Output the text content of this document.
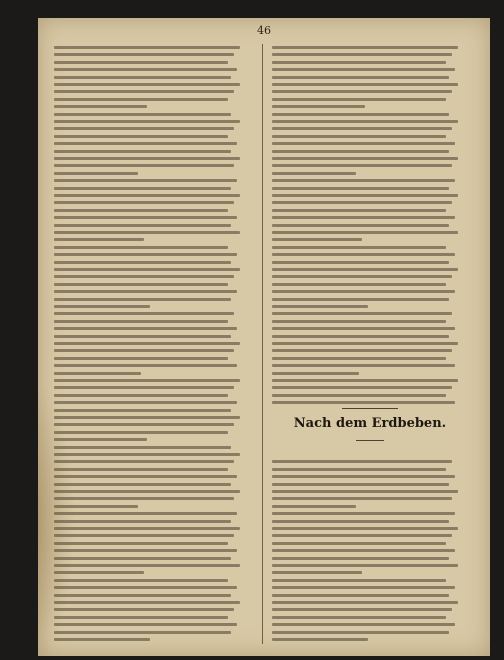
46
Nach dem Erdbeben.
